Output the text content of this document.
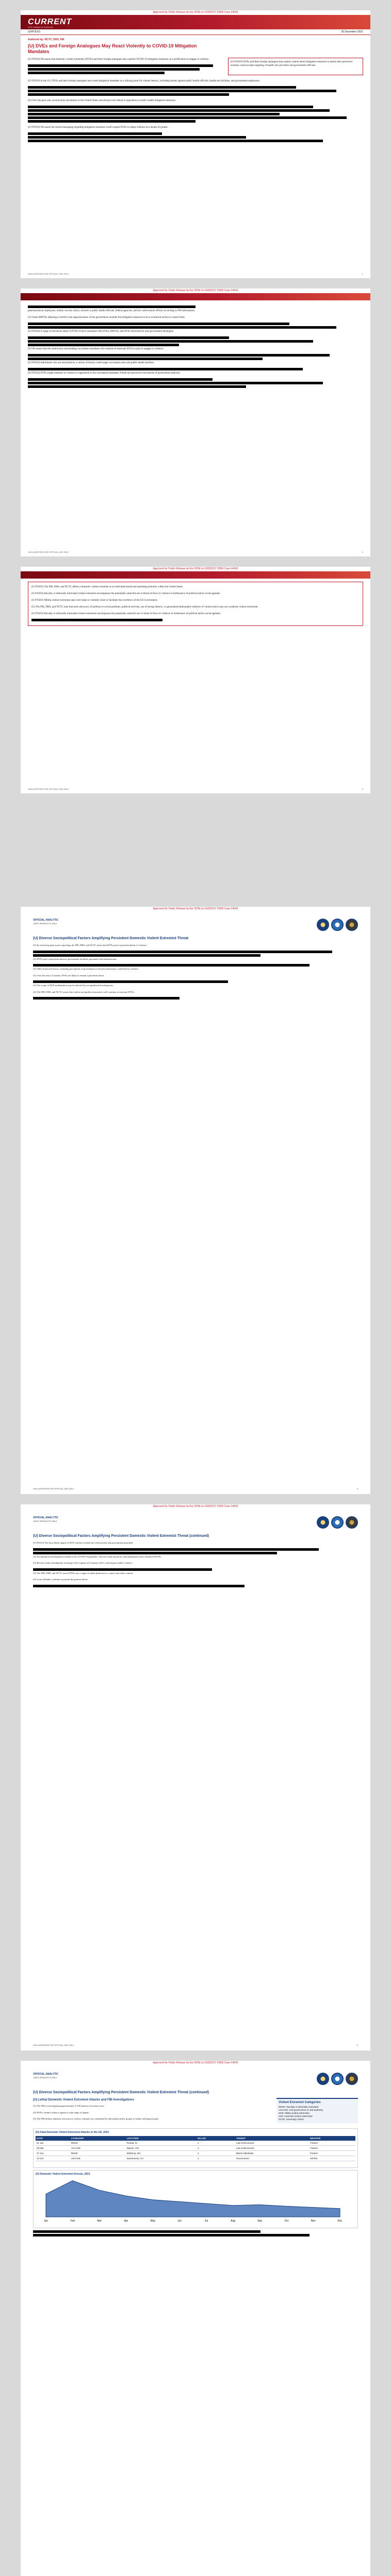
Approved for Public Release by the ODNI on 20230317 ODNI Case #4042
CURRENT
DHS Intelligence Enterprise
(U//FOUO)	26 December 2021
Authored by: NCTC, DHS, FBI
(U) DVEs and Foreign Analogues May React Violently to COVID-19 Mitigation Mandates

(U//FOUO) We assess that domestic violent extremists (DVEs) and their foreign analogues may exploit COVID-19 mitigation measures as a justification to engage in violence.

(U//FOUO) DVEs and their foreign analogues that exploit content about mitigation measures to attack their perceived enemies could escalate targeting of health care providers and government officials.

(U//FOUO) In the US, DVEs and their foreign analogues have used mitigation mandates as a rallying point for violent rhetoric, including threats against public health officials, healthcare facilities, and government employees.

(U) Over the past year, several plots and attacks in the United States and abroad were linked to opposition to public health mitigation measures.

(U//FOUO) We assess the mixed messaging regarding mitigation measures could compel DVEs to adopt violence as a means of protest.

UNCLASSIFIED//FOR OFFICIAL USE ONLY	1
Approved for Public Release by the ODNI on 20230317 ODNI Case #4042

pharmaceutical employees, mobile vaccine clinics, elected or public health officials, federal agencies, and law enforcement officers according to FBI information.

(U) Some RMVEs adhering to belief in the oppressiveness of the government consider the mitigation measures to be a tyrannical action to control them.

(U//FOUO) A range of narratives about COVID-19 have resonated with DVEs, RMVEs, and AVEs motivated by anti-government ideologies.

(U) We assess that the controversy surrounding vaccination mandates will continue to motivate DVEs to plot or engage in violence.

(U//FOUO) Individuals who are motivated by a variety of factors could target vaccination sites and public health facilities.

(U//FOUO) DVEs might mobilize to violence in opposition to the vaccination mandates if there are perceived overreaches of government authority.

UNCLASSIFIED//FOR OFFICIAL USE ONLY	2
Approved for Public Release by the ODNI on 20230317 ODNI Case #4042

(U//FOUO) The FBI, DHS, and NCTC define a domestic violent extremist as an individual based and operating primarily within the United States.

(U//FOUO) Racially or ethnically motivated violent extremists encompasses the potentially unlawful use or threat of force or violence in furtherance of political and/or social agendas.

(U//FOUO) Militia violent extremists take overt steps to violently resist or facilitate the overthrow of the US Government.

(U) The FBI, DHS, and NCTC note that mere advocacy of political or social positions, political activism, use of strong rhetoric, or generalized philosophic embrace of violent tactics may not constitute violent extremism.

(U//FOUO) Racially or ethnically motivated violent extremism encompasses the potentially unlawful use or threat of force or violence in furtherance of political and/or social agendas.

UNCLASSIFIED//FOR OFFICIAL USE ONLY	3
Approved for Public Release by the ODNI on 20230317 ODNI Case #4042
OFFICIAL ANALYTIC
JOINT PRODUCTS ONLY
(U) Diverse Sociopolitical Factors Amplifying Persistent Domestic Violent Extremist Threat

(U) In reviewing open-source reporting, the FBI, DHS, and NCTC assess that DVEs pose a persistent threat of violence.

(U) DVEs pose a persistent threat to government facilities, personnel, and infrastructure.

(U) Other historical factors, including perceptions of government overreach and tension, could lead to violence.

(U) Over the next 12 months, DVEs are likely to remain a persistent threat.

(U) The scope of DVE mobilization may be affected by sociopolitical developments.

(U) The FBI, DHS, and NCTC assess that violent sociopolitical narratives will continue to motivate DVEs.

UNCLASSIFIED//FOR OFFICIAL USE ONLY	4
Approved for Public Release by the ODNI on 20230317 ODNI Case #4042
OFFICIAL ANALYTIC
JOINT PRODUCTS ONLY
(U) Diverse Sociopolitical Factors Amplifying Persistent Domestic Violent Extremist Threat (continued)

(U//FOUO) The most likely targets of DVE violence include law enforcement and government personnel.

(U) Sociopolitical developments related to the COVID-19 pandemic, election fraud narratives, and immigration have influenced DVEs.

(U) Recent events including the storming of the Capitol on 6 January 2021 could inspire further violence.

(U) The FBI, DHS, and NCTC assess DVEs use a range of online platforms to connect and share content.

(U) Lone offenders continue to present the greatest threat.

UNCLASSIFIED//FOR OFFICIAL USE ONLY	5
Approved for Public Release by the ODNI on 20230317 ODNI Case #4042
OFFICIAL ANALYTIC
JOINT PRODUCTS ONLY
(U) Diverse Sociopolitical Factors Amplifying Persistent Domestic Violent Extremist Threat (continued)
Violent Extremist Categories
RMVE: Racially or ethnically motivated
AGAAVE: Anti-government or anti-authority
MVE: Militia violent extremists
AVE: Anarchist violent extremists
SCVE: Sovereign citizen
(U) Lethal Domestic Violent Extremist Attacks and FBI Investigations

(U) The FBI is investigating approximately 2,700 domestic terrorism cases.

(U) DVEs commit violence against a wide range of targets.

(U) The FBI defines domestic terrorism as violent, criminal acts committed by individuals and/or groups to further ideological goals.

(U) Fatal Domestic Violent Extremist Attacks in the US, 2021
DATE	CATEGORY	LOCATION	KILLED	TARGET	WEAPON
01 Jan	RMVE	Florida, FL	1	Law enforcement	Firearm
08 Mar	AGAAVE	Dayton, OH	1	Law enforcement	Firearm
27 Jun	RMVE	Winthrop, MA	2	Black individuals	Firearm
14 Oct	AGAAVE	Sacramento, CA	1	Government	Vehicle
(U) Domestic Violent Extremist Arrests, 2021
Jan	Feb	Mar	Apr	May	Jun	Jul	Aug	Sep	Oct	Nov	Dec
